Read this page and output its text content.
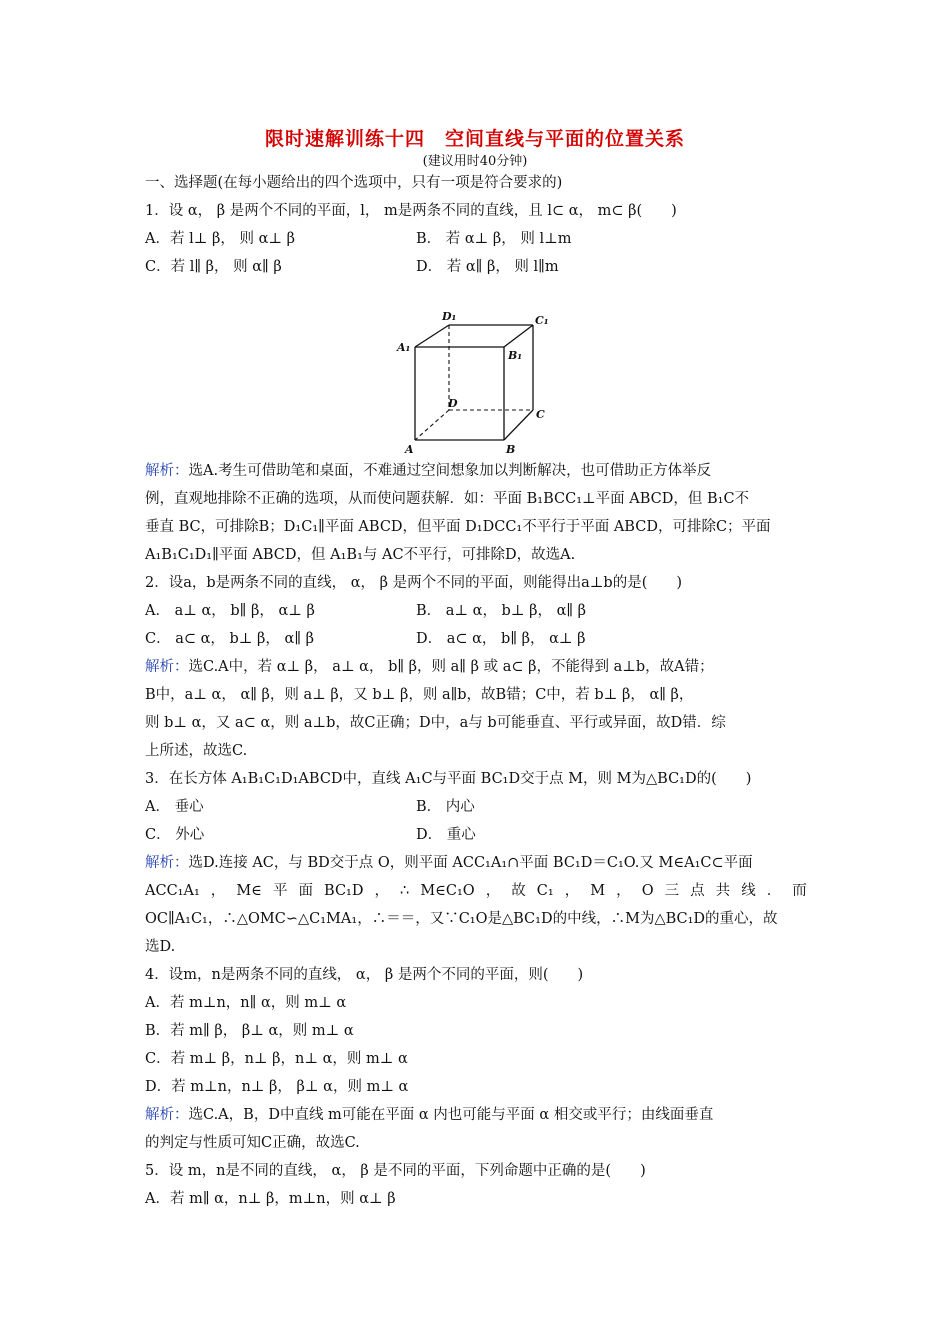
限时速解训练十四　空间直线与平面的位置关系
(建议用时40分钟)
一、选择题(在每小题给出的四个选项中，只有一项是符合要求的)
1．设 α， β 是两个不同的平面，l， m是两条不同的直线，且 l⊂ α， m⊂ β(　　)
A．若 l⊥ β， 则 α⊥ β	B． 若 α⊥ β， 则 l⊥m
C．若 l∥ β， 则 α∥ β	D． 若 α∥ β， 则 l∥m
D₁	C₁
A₁
B₁
D
C
A	B
解析：选A.考生可借助笔和桌面，不难通过空间想象加以判断解决，也可借助正方体举反
例，直观地排除不正确的选项，从而使问题获解．如：平面 B₁BCC₁⊥平面 ABCD，但 B₁C不
垂直 BC，可排除B；D₁C₁∥平面 ABCD，但平面 D₁DCC₁不平行于平面 ABCD，可排除C；平面
A₁B₁C₁D₁∥平面 ABCD，但 A₁B₁与 AC不平行，可排除D，故选A.
2．设a，b是两条不同的直线， α， β 是两个不同的平面，则能得出a⊥b的是(　　)
A． a⊥ α， b∥ β， α⊥ β	B． a⊥ α， b⊥ β， α∥ β
C． a⊂ α， b⊥ β， α∥ β	D． a⊂ α， b∥ β， α⊥ β
解析：选C.A中，若 α⊥ β， a⊥ α， b∥ β，则 a∥ β 或 a⊂ β，不能得到 a⊥b，故A错；
B中，a⊥ α， α∥ β，则 a⊥ β，又 b⊥ β，则 a∥b，故B错；C中，若 b⊥ β， α∥ β，
则 b⊥ α，又 a⊂ α，则 a⊥b，故C正确；D中，a与 b可能垂直、平行或异面，故D错．综
上所述，故选C.
3．在长方体 A₁B₁C₁D₁ABCD中，直线 A₁C与平面 BC₁D交于点 M，则 M为△BC₁D的(　　)
A． 垂心	B． 内心
C． 外心	D． 重心
解析：选D.连接 AC，与 BD交于点 O，则平面 ACC₁A₁∩平面 BC₁D＝C₁O.又 M∈A₁C⊂平面
ACC₁A₁ ， M∈ 平 面 BC₁D ， ∴ M∈C₁O ， 故 C₁ ， M ， O 三 点 共 线 ． 而
OC∥A₁C₁，∴△OMC∽△C₁MA₁，∴＝＝，又∵C₁O是△BC₁D的中线，∴M为△BC₁D的重心，故
选D.
4．设m，n是两条不同的直线， α， β 是两个不同的平面，则(　　)
A．若 m⊥n，n∥ α，则 m⊥ α
B．若 m∥ β， β⊥ α，则 m⊥ α
C．若 m⊥ β，n⊥ β，n⊥ α，则 m⊥ α
D．若 m⊥n，n⊥ β， β⊥ α，则 m⊥ α
解析：选C.A，B，D中直线 m可能在平面 α 内也可能与平面 α 相交或平行；由线面垂直
的判定与性质可知C正确，故选C.
5．设 m，n是不同的直线， α， β 是不同的平面，下列命题中正确的是(　　)
A．若 m∥ α，n⊥ β，m⊥n，则 α⊥ β
